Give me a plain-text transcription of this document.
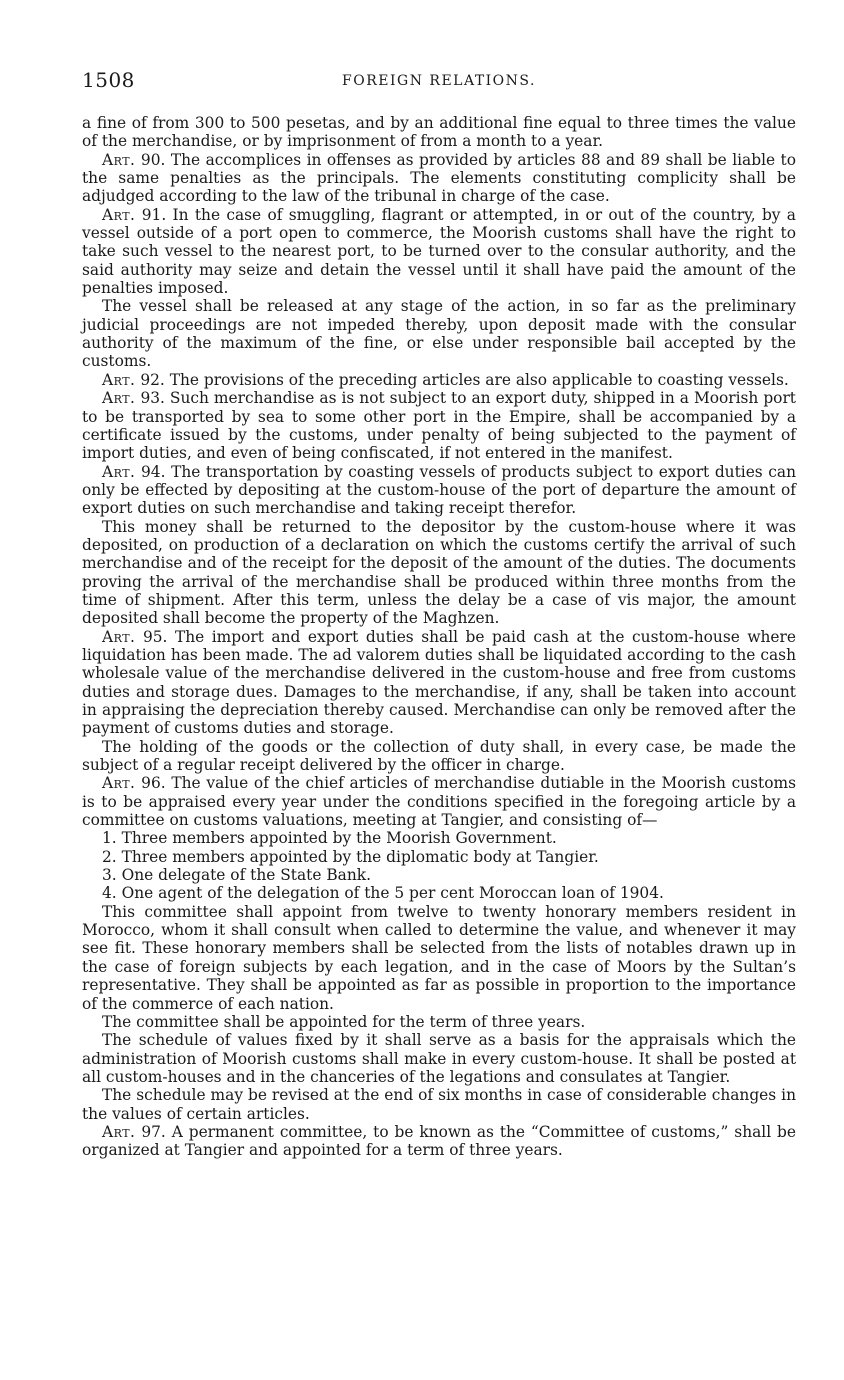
1508	FOREIGN RELATIONS.

a fine of from 300 to 500 pesetas, and by an additional fine equal to three times the value of the merchandise, or by imprisonment of from a month to a year.

Art. 90. The accomplices in offenses as provided by articles 88 and 89 shall be liable to the same penalties as the principals. The elements constituting complicity shall be adjudged according to the law of the tribunal in charge of the case.

Art. 91. In the case of smuggling, flagrant or attempted, in or out of the country, by a vessel outside of a port open to commerce, the Moorish customs shall have the right to take such vessel to the nearest port, to be turned over to the consular authority, and the said authority may seize and detain the vessel until it shall have paid the amount of the penalties imposed.

The vessel shall be released at any stage of the action, in so far as the preliminary judicial proceedings are not impeded thereby, upon deposit made with the consular authority of the maximum of the fine, or else under responsible bail accepted by the customs.

Art. 92. The provisions of the preceding articles are also applicable to coasting vessels.

Art. 93. Such merchandise as is not subject to an export duty, shipped in a Moorish port to be transported by sea to some other port in the Empire, shall be accompanied by a certificate issued by the customs, under penalty of being subjected to the payment of import duties, and even of being confiscated, if not entered in the manifest.

Art. 94. The transportation by coasting vessels of products subject to export duties can only be effected by depositing at the custom-house of the port of departure the amount of export duties on such merchandise and taking receipt therefor.

This money shall be returned to the depositor by the custom-house where it was deposited, on production of a declaration on which the customs certify the arrival of such merchandise and of the receipt for the deposit of the amount of the duties. The documents proving the arrival of the merchandise shall be produced within three months from the time of shipment. After this term, unless the delay be a case of vis major, the amount deposited shall become the property of the Maghzen.

Art. 95. The import and export duties shall be paid cash at the custom-house where liquidation has been made. The ad valorem duties shall be liquidated according to the cash wholesale value of the merchandise delivered in the custom-house and free from customs duties and storage dues. Damages to the merchandise, if any, shall be taken into account in appraising the depreciation thereby caused. Merchandise can only be removed after the payment of customs duties and storage.

The holding of the goods or the collection of duty shall, in every case, be made the subject of a regular receipt delivered by the officer in charge.

Art. 96. The value of the chief articles of merchandise dutiable in the Moorish customs is to be appraised every year under the conditions specified in the foregoing article by a committee on customs valuations, meeting at Tangier, and consisting of—

1. Three members appointed by the Moorish Government.

2. Three members appointed by the diplomatic body at Tangier.

3. One delegate of the State Bank.

4. One agent of the delegation of the 5 per cent Moroccan loan of 1904.

This committee shall appoint from twelve to twenty honorary members resident in Morocco, whom it shall consult when called to determine the value, and whenever it may see fit. These honorary members shall be selected from the lists of notables drawn up in the case of foreign subjects by each legation, and in the case of Moors by the Sultan’s representative. They shall be appointed as far as possible in proportion to the importance of the commerce of each nation.

The committee shall be appointed for the term of three years.

The schedule of values fixed by it shall serve as a basis for the appraisals which the administration of Moorish customs shall make in every custom-house. It shall be posted at all custom-houses and in the chanceries of the legations and consulates at Tangier.

The schedule may be revised at the end of six months in case of considerable changes in the values of certain articles.

Art. 97. A permanent committee, to be known as the “Committee of customs,” shall be organized at Tangier and appointed for a term of three years.
